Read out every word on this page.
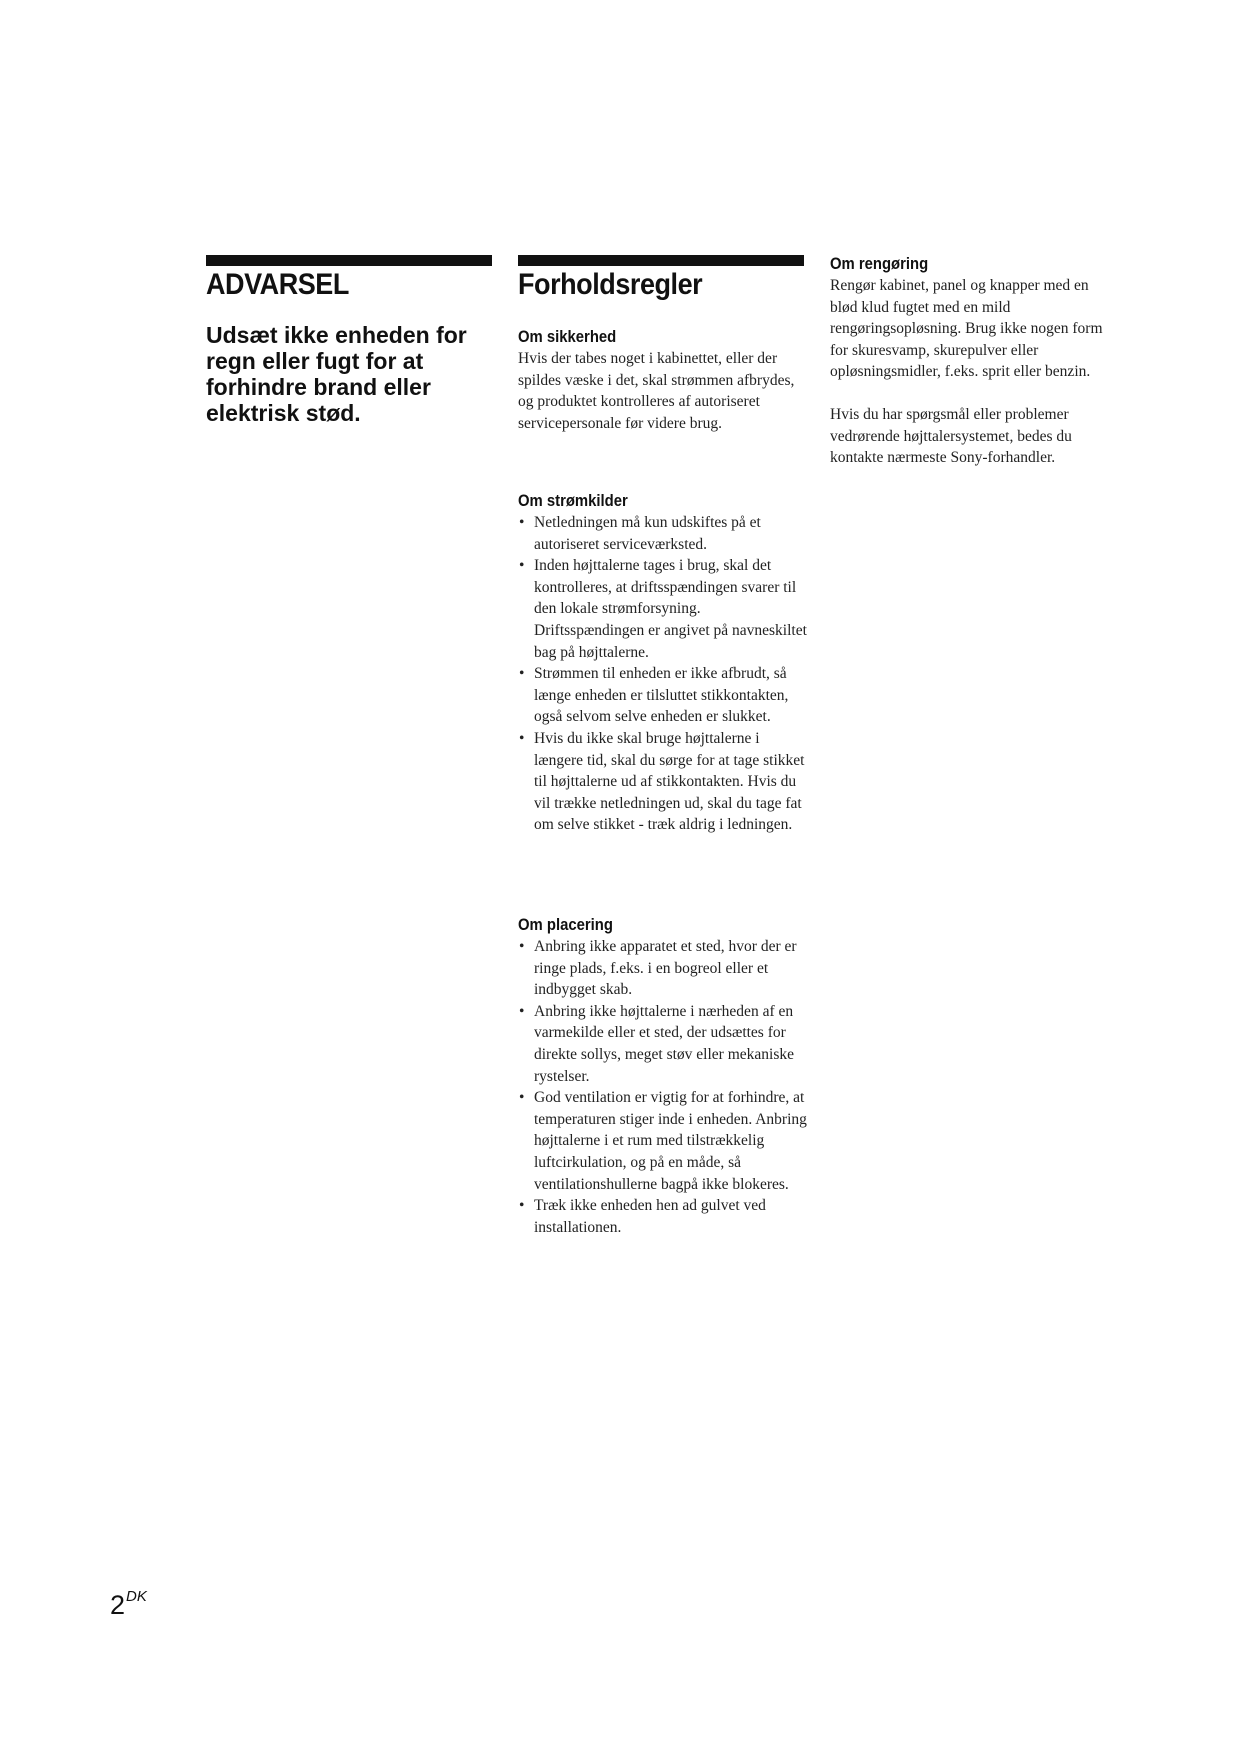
ADVARSEL

Udsæt ikke enheden for regn eller fugt for at forhindre brand eller elektrisk stød.

Forholdsregler
Om sikkerhed

Hvis der tabes noget i kabinettet, eller der spildes væske i det, skal strømmen afbrydes, og produktet kontrolleres af autoriseret servicepersonale før videre brug.

Om strømkilder
• Netledningen må kun udskiftes på et autoriseret serviceværksted.
• Inden højttalerne tages i brug, skal det kontrolleres, at driftsspændingen svarer til den lokale strømforsyning. Driftsspændingen er angivet på navneskiltet bag på højttalerne.
• Strømmen til enheden er ikke afbrudt, så længe enheden er tilsluttet stikkontakten, også selvom selve enheden er slukket.
• Hvis du ikke skal bruge højttalerne i længere tid, skal du sørge for at tage stikket til højttalerne ud af stikkontakten. Hvis du vil trække netledningen ud, skal du tage fat om selve stikket - træk aldrig i ledningen.
Om placering
• Anbring ikke apparatet et sted, hvor der er ringe plads, f.eks. i en bogreol eller et indbygget skab.
• Anbring ikke højttalerne i nærheden af en varmekilde eller et sted, der udsættes for direkte sollys, meget støv eller mekaniske rystelser.
• God ventilation er vigtig for at forhindre, at temperaturen stiger inde i enheden. Anbring højttalerne i et rum med tilstrækkelig luftcirkulation, og på en måde, så ventilationshullerne bagpå ikke blokeres.
• Træk ikke enheden hen ad gulvet ved installationen.
Om rengøring

Rengør kabinet, panel og knapper med en blød klud fugtet med en mild rengøringsopløsning. Brug ikke nogen form for skuresvamp, skurepulver eller opløsningsmidler, f.eks. sprit eller benzin.

Hvis du har spørgsmål eller problemer vedrørende højttalersystemet, bedes du kontakte nærmeste Sony-forhandler.

$2^{DK}$
